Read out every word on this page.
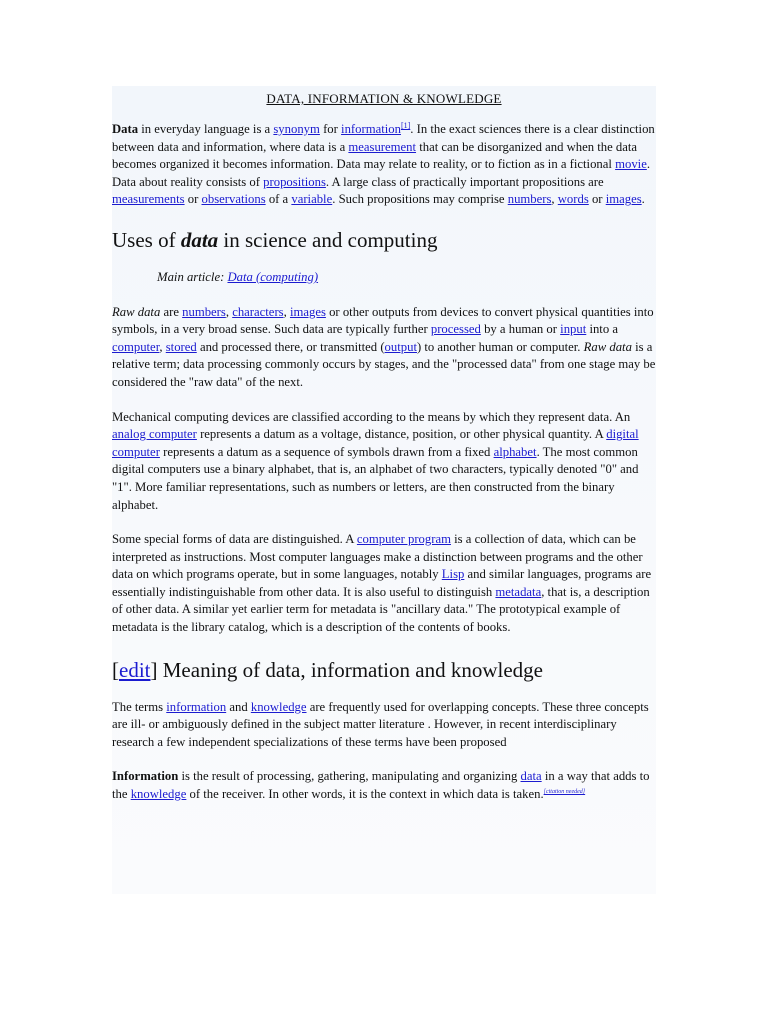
DATA, INFORMATION & KNOWLEDGE

Data in everyday language is a synonym for information[1]. In the exact sciences there is a clear distinction between data and information, where data is a measurement that can be disorganized and when the data becomes organized it becomes information. Data may relate to reality, or to fiction as in a fictional movie. Data about reality consists of propositions. A large class of practically important propositions are measurements or observations of a variable. Such propositions may comprise numbers, words or images.

Uses of data in science and computing
Main article: Data (computing)

Raw data are numbers, characters, images or other outputs from devices to convert physical quantities into symbols, in a very broad sense. Such data are typically further processed by a human or input into a computer, stored and processed there, or transmitted (output) to another human or computer. Raw data is a relative term; data processing commonly occurs by stages, and the "processed data" from one stage may be considered the "raw data" of the next.

Mechanical computing devices are classified according to the means by which they represent data. An analog computer represents a datum as a voltage, distance, position, or other physical quantity. A digital computer represents a datum as a sequence of symbols drawn from a fixed alphabet. The most common digital computers use a binary alphabet, that is, an alphabet of two characters, typically denoted "0" and "1". More familiar representations, such as numbers or letters, are then constructed from the binary alphabet.

Some special forms of data are distinguished. A computer program is a collection of data, which can be interpreted as instructions. Most computer languages make a distinction between programs and the other data on which programs operate, but in some languages, notably Lisp and similar languages, programs are essentially indistinguishable from other data. It is also useful to distinguish metadata, that is, a description of other data. A similar yet earlier term for metadata is "ancillary data." The prototypical example of metadata is the library catalog, which is a description of the contents of books.

[edit] Meaning of data, information and knowledge

The terms information and knowledge are frequently used for overlapping concepts. These three concepts are ill- or ambiguously defined in the subject matter literature . However, in recent interdisciplinary research a few independent specializations of these terms have been proposed

Information is the result of processing, gathering, manipulating and organizing data in a way that adds to the knowledge of the receiver. In other words, it is the context in which data is taken.[citation needed]
